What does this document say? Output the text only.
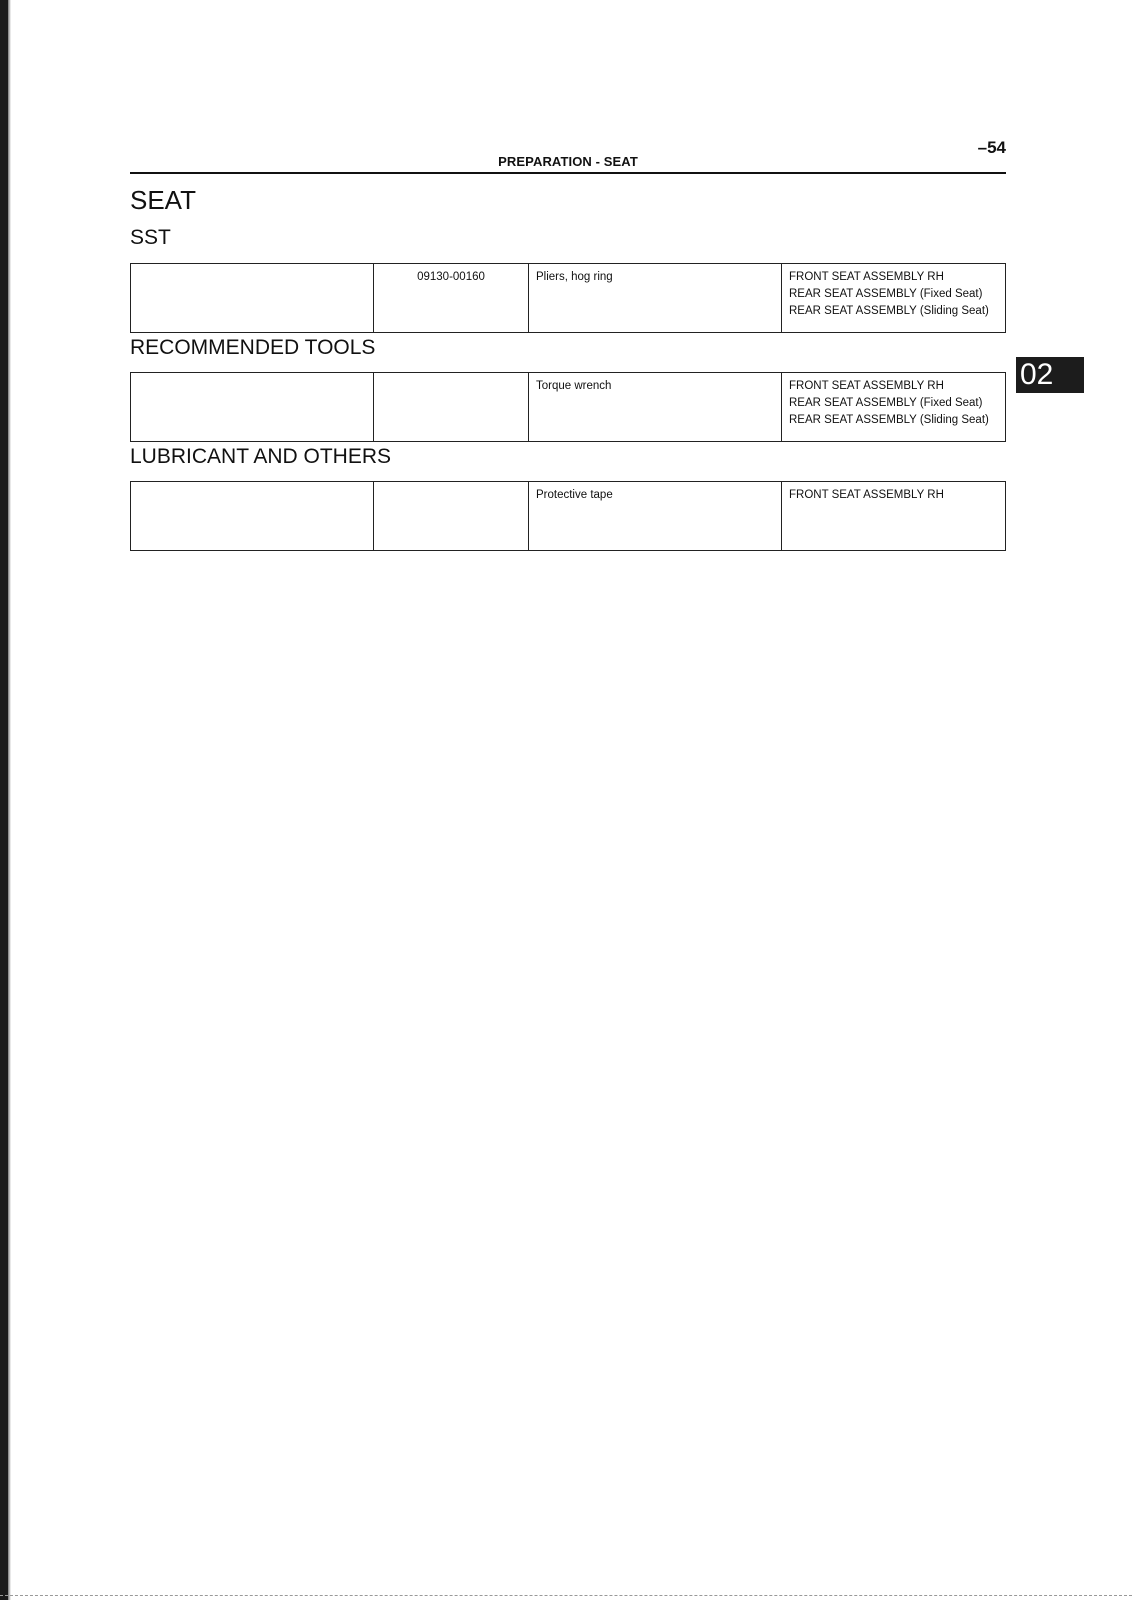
PREPARATION - SEAT
–54
SEAT
SST
	09130-00160	Pliers, hog ring	FRONT SEAT ASSEMBLY RH
REAR SEAT ASSEMBLY (Fixed Seat)
REAR SEAT ASSEMBLY (Sliding Seat)
RECOMMENDED TOOLS
		Torque wrench	FRONT SEAT ASSEMBLY RH
REAR SEAT ASSEMBLY (Fixed Seat)
REAR SEAT ASSEMBLY (Sliding Seat)
LUBRICANT AND OTHERS
		Protective tape	FRONT SEAT ASSEMBLY RH
02
